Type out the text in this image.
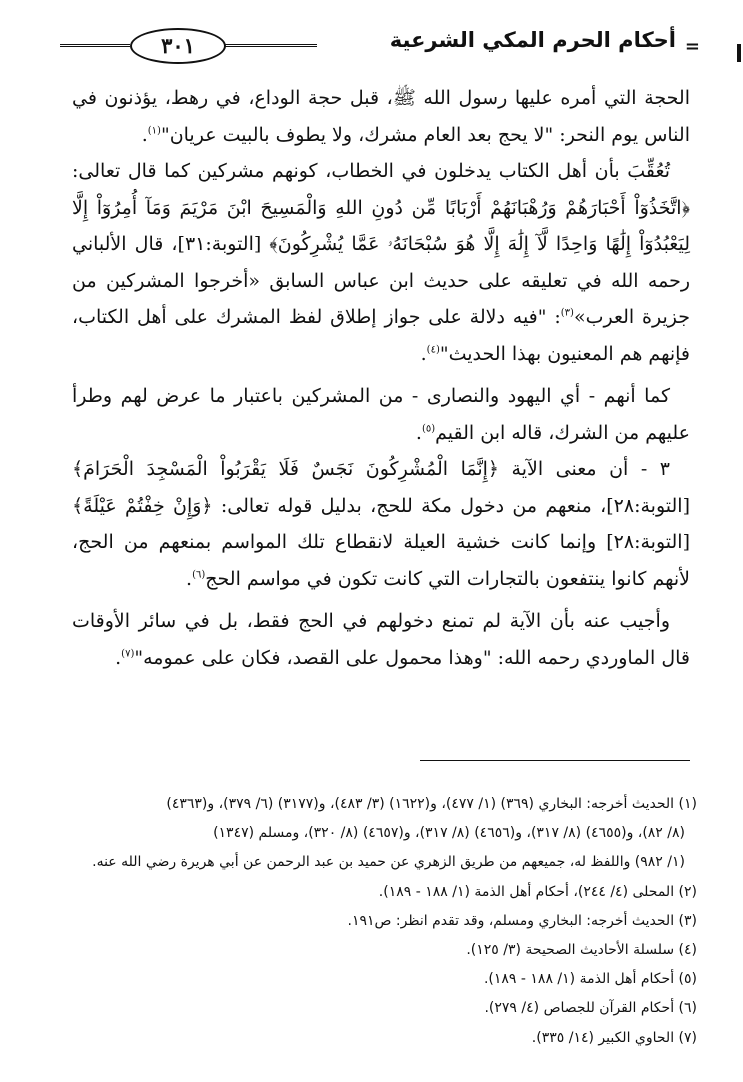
٣٠١	أحكام الحرم المكي الشرعية =

الحجة التي أمره عليها رسول الله ﷺ، قبل حجة الوداع، في رهط، يؤذنون في الناس يوم النحر: "لا يحج بعد العام مشرك، ولا يطوف بالبيت عريان"$^{(١)}$.

تُعُقِّبَ بأن أهل الكتاب يدخلون في الخطاب، كونهم مشركين كما قال تعالى: ﴿اتَّخَذُوٓاْ أَحْبَارَهُمْ وَرُهْبَانَهُمْ أَرْبَابًا مِّن دُونِ اللهِ وَالْمَسِيحَ ابْنَ مَرْيَمَ وَمَآ أُمِرُوٓاْ إِلَّا لِيَعْبُدُوٓاْ إِلَٰهًا وَاحِدًا لَّآ إِلَٰهَ إِلَّا هُوَ سُبْحَانَهُۥ عَمَّا يُشْرِكُونَ﴾ [التوبة:٣١]، قال الألباني رحمه الله في تعليقه على حديث ابن عباس السابق «أخرجوا المشركين من جزيرة العرب»$^{(٣)}$: "فيه دلالة على جواز إطلاق لفظ المشرك على أهل الكتاب، فإنهم هم المعنيون بهذا الحديث"$^{(٤)}$.

كما أنهم - أي اليهود والنصارى - من المشركين باعتبار ما عرض لهم وطرأ عليهم من الشرك، قاله ابن القيم$^{(٥)}$.

٣ - أن معنى الآية ﴿إِنَّمَا الْمُشْرِكُونَ نَجَسٌ فَلَا يَقْرَبُواْ الْمَسْجِدَ الْحَرَامَ﴾ [التوبة:٢٨]، منعهم من دخول مكة للحج، بدليل قوله تعالى: ﴿وَإِنْ خِفْتُمْ عَيْلَةً﴾ [التوبة:٢٨] وإنما كانت خشية العيلة لانقطاع تلك المواسم بمنعهم من الحج، لأنهم كانوا ينتفعون بالتجارات التي كانت تكون في مواسم الحج$^{(٦)}$.

وأجيب عنه بأن الآية لم تمنع دخولهم في الحج فقط، بل في سائر الأوقات قال الماوردي رحمه الله: "وهذا محمول على القصد، فكان على عمومه"$^{(٧)}$.

(١) الحديث أخرجه: البخاري (٣٦٩) (١/ ٤٧٧)، و(١٦٢٢) (٣/ ٤٨٣)، و(٣١٧٧) (٦/ ٣٧٩)، و(٤٣٦٣)

(٨/ ٨٢)، و(٤٦٥٥) (٨/ ٣١٧)، و(٤٦٥٦) (٨/ ٣١٧)، و(٤٦٥٧) (٨/ ٣٢٠)، ومسلم (١٣٤٧)

(١/ ٩٨٢) واللفظ له، جميعهم من طريق الزهري عن حميد بن عبد الرحمن عن أبي هريرة رضي الله عنه.

(٢) المحلى (٤/ ٢٤٤)، أحكام أهل الذمة (١/ ١٨٨ - ١٨٩).

(٣) الحديث أخرجه: البخاري ومسلم، وقد تقدم انظر: ص١٩١.

(٤) سلسلة الأحاديث الصحيحة (٣/ ١٢٥).

(٥) أحكام أهل الذمة (١/ ١٨٨ - ١٨٩).

(٦) أحكام القرآن للجصاص (٤/ ٢٧٩).

(٧) الحاوي الكبير (١٤/ ٣٣٥).
